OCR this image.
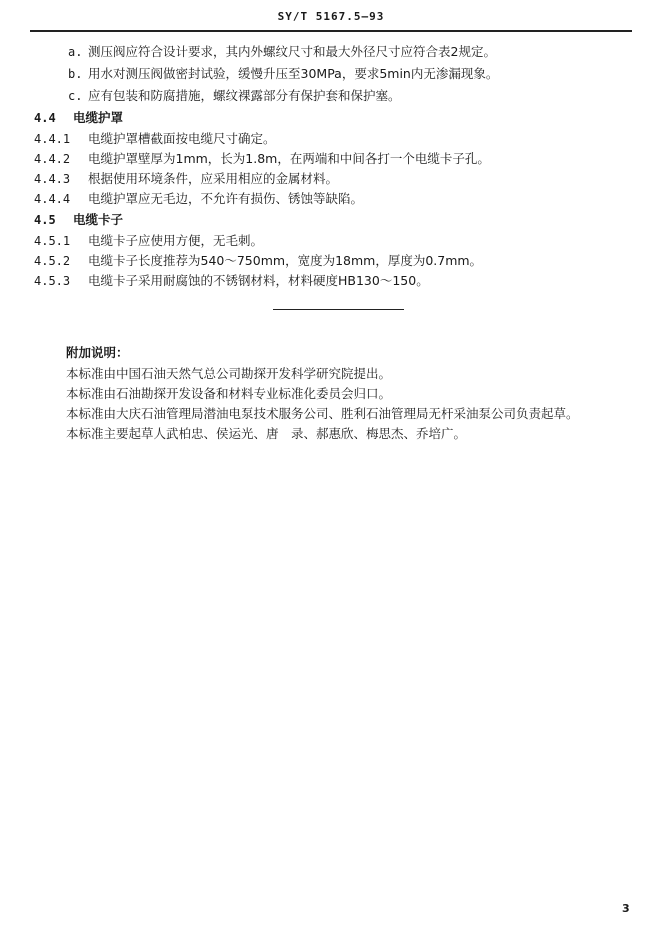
SY/T 5167.5—93
a. 测压阀应符合设计要求，其内外螺纹尺寸和最大外径尺寸应符合表2规定。
b. 用水对测压阀做密封试验，缓慢升压至30MPa，要求5min内无渗漏现象。
c. 应有包装和防腐措施，螺纹裸露部分有保护套和保护塞。
4.4 电缆护罩
4.4.1 电缆护罩槽截面按电缆尺寸确定。
4.4.2 电缆护罩壁厚为1mm，长为1.8m，在两端和中间各打一个电缆卡子孔。
4.4.3 根据使用环境条件，应采用相应的金属材料。
4.4.4 电缆护罩应无毛边，不允许有损伤、锈蚀等缺陷。
4.5 电缆卡子
4.5.1 电缆卡子应使用方便，无毛刺。
4.5.2 电缆卡子长度推荐为540～750mm，宽度为18mm，厚度为0.7mm。
4.5.3 电缆卡子采用耐腐蚀的不锈钢材料，材料硬度HB130～150。
附加说明：
本标准由中国石油天然气总公司勘探开发科学研究院提出。
本标准由石油勘探开发设备和材料专业标准化委员会归口。
本标准由大庆石油管理局潜油电泵技术服务公司、胜利石油管理局无杆采油泵公司负责起草。
本标准主要起草人武柏忠、侯运光、唐　录、郝惠欣、梅思杰、乔培广。
3
